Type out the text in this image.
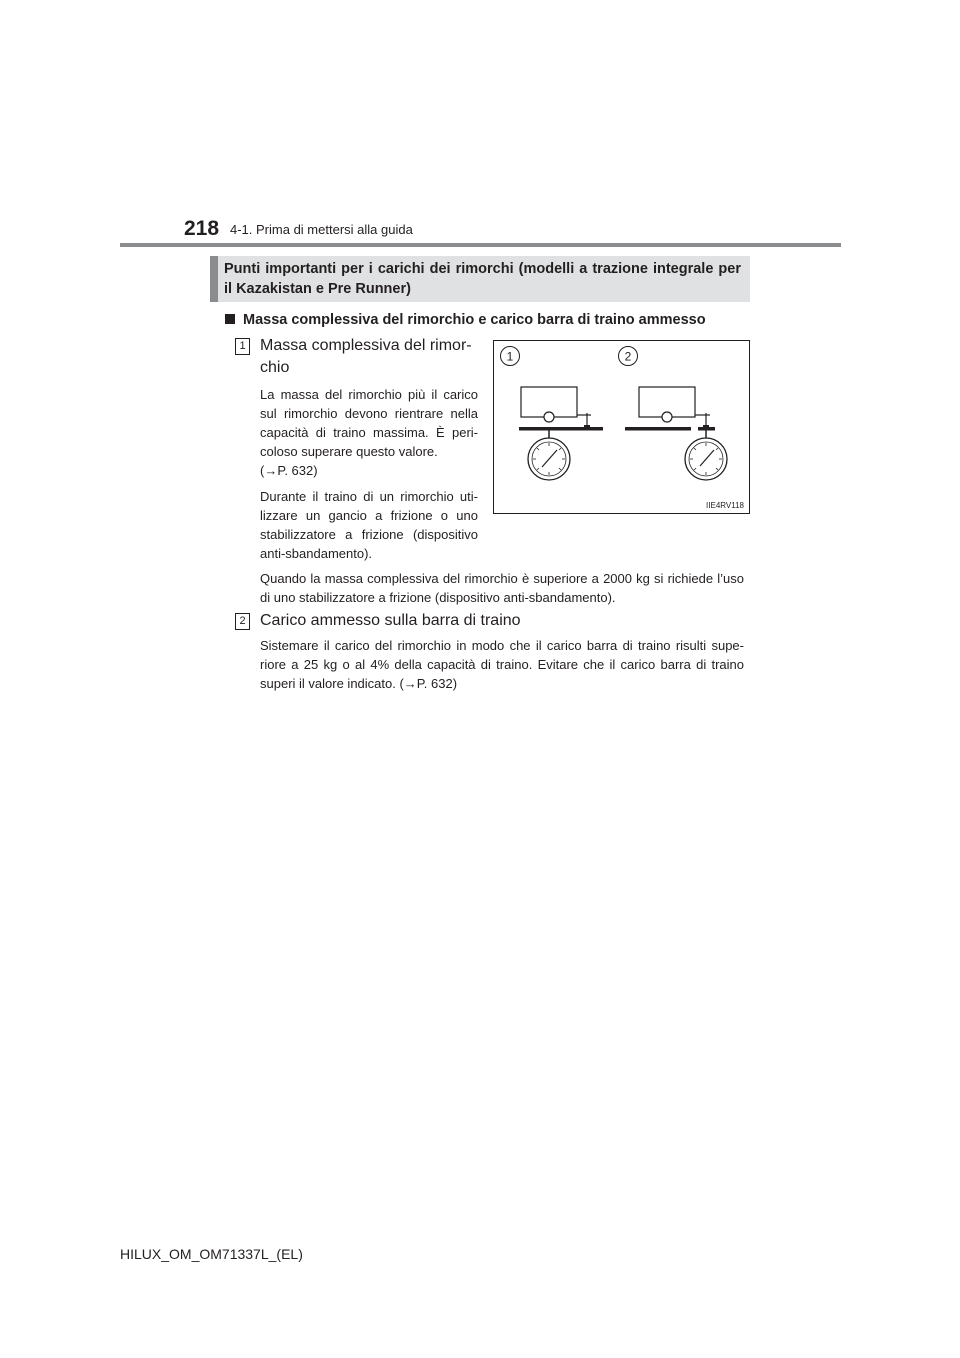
218 4-1. Prima di mettersi alla guida
Punti importanti per i carichi dei rimorchi (modelli a trazione integrale per il Kazakistan e Pre Runner)
Massa complessiva del rimorchio e carico barra di traino ammesso
1 Massa complessiva del rimor-
chio
La massa del rimorchio più il carico sul rimorchio devono rientrare nella capacità di traino massima. È peri-coloso superare questo valore.
(→P. 632)
Durante il traino di un rimorchio uti-lizzare un gancio a frizione o uno stabilizzatore a frizione (dispositivo anti-sbandamento).
Quando la massa complessiva del rimorchio è superiore a 2000 kg si richiede l’uso di uno stabilizzatore a frizione (dispositivo anti-sbandamento).
2 Carico ammesso sulla barra di traino
Sistemare il carico del rimorchio in modo che il carico barra di traino risulti supe-riore a 25 kg o al 4% della capacità di traino. Evitare che il carico barra di traino superi il valore indicato. (→P. 632)
1	2
IIE4RV118
HILUX_OM_OM71337L_(EL)
